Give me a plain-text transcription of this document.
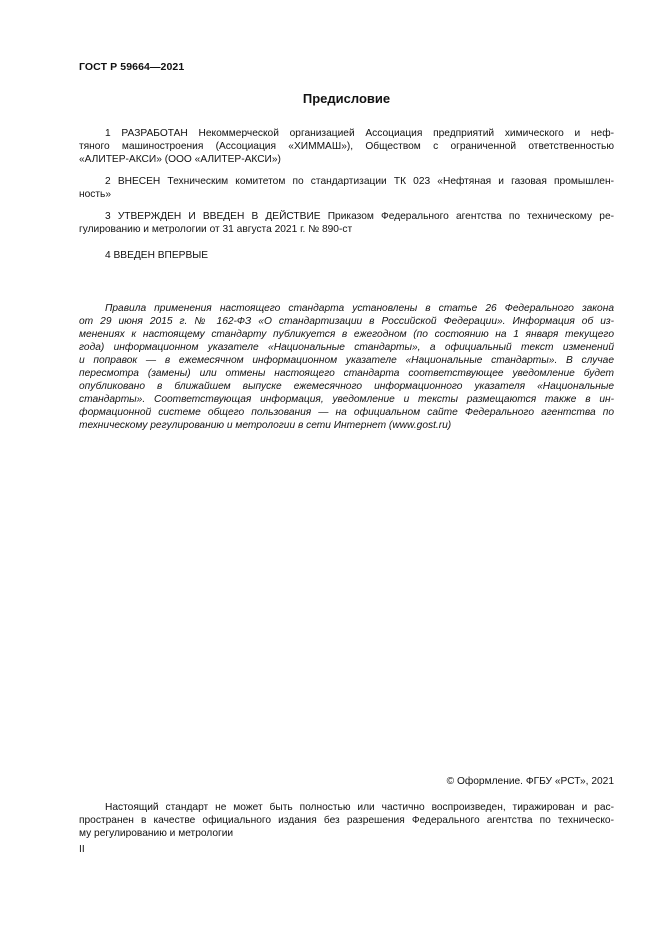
ГОСТ Р 59664—2021
Предисловие
1 РАЗРАБОТАН Некоммерческой организацией Ассоциация предприятий химического и неф-
тяного машиностроения (Ассоциация «ХИММАШ»), Обществом с ограниченной ответственностью
«АЛИТЕР-АКСИ» (ООО «АЛИТЕР-АКСИ»)
2 ВНЕСЕН Техническим комитетом по стандартизации ТК 023 «Нефтяная и газовая промышлен-
ность»
3 УТВЕРЖДЕН И ВВЕДЕН В ДЕЙСТВИЕ Приказом Федерального агентства по техническому ре-
гулированию и метрологии от 31 августа 2021 г. № 890-ст
4 ВВЕДЕН ВПЕРВЫЕ
Правила применения настоящего стандарта установлены в статье 26 Федерального закона
от 29 июня 2015 г. № 162-ФЗ «О стандартизации в Российской Федерации». Информация об из-
менениях к настоящему стандарту публикуется в ежегодном (по состоянию на 1 января текущего
года) информационном указателе «Национальные стандарты», а официальный текст изменений
и поправок — в ежемесячном информационном указателе «Национальные стандарты». В случае
пересмотра (замены) или отмены настоящего стандарта соответствующее уведомление будет
опубликовано в ближайшем выпуске ежемесячного информационного указателя «Национальные
стандарты». Соответствующая информация, уведомление и тексты размещаются также в ин-
формационной системе общего пользования — на официальном сайте Федерального агентства по
техническому регулированию и метрологии в сети Интернет (www.gost.ru)
© Оформление. ФГБУ «РСТ», 2021
Настоящий стандарт не может быть полностью или частично воспроизведен, тиражирован и рас-
пространен в качестве официального издания без разрешения Федерального агентства по техническо-
му регулированию и метрологии
II
